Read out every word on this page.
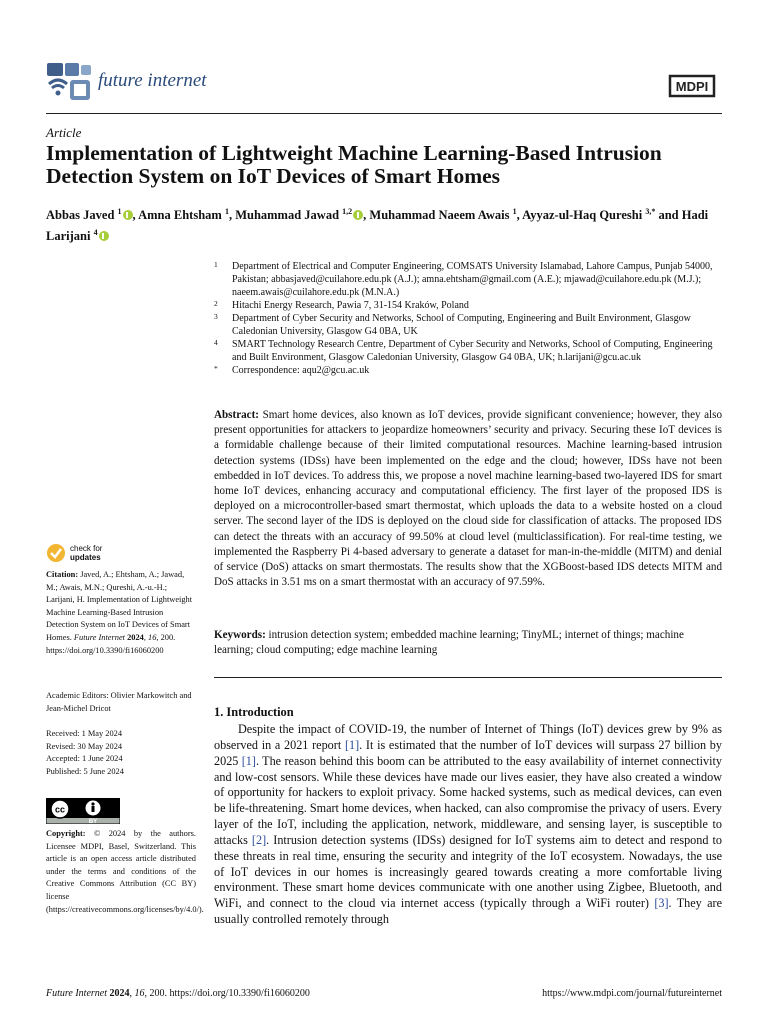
future internet	MDPI
Article
Implementation of Lightweight Machine Learning-Based Intrusion Detection System on IoT Devices of Smart Homes
Abbas Javed $^1$ , Amna Ehtsham $^1$, Muhammad Jawad $^{1,2}$ , Muhammad Naeem Awais $^1$, Ayyaz-ul-Haq Qureshi $^{3,*}$ and Hadi Larijani $^4$
1 Department of Electrical and Computer Engineering, COMSATS University Islamabad, Lahore Campus, Punjab 54000, Pakistan; abbasjaved@cuilahore.edu.pk (A.J.); amna.ehtsham@gmail.com (A.E.); mjawad@cuilahore.edu.pk (M.J.); naeem.awais@cuilahore.edu.pk (M.N.A.)
2 Hitachi Energy Research, Pawia 7, 31-154 Kraków, Poland
3 Department of Cyber Security and Networks, School of Computing, Engineering and Built Environment, Glasgow Caledonian University, Glasgow G4 0BA, UK
4 SMART Technology Research Centre, Department of Cyber Security and Networks, School of Computing, Engineering and Built Environment, Glasgow Caledonian University, Glasgow G4 0BA, UK; h.larijani@gcu.ac.uk
* Correspondence: aqu2@gcu.ac.uk
Abstract: Smart home devices, also known as IoT devices, provide significant convenience; however, they also present opportunities for attackers to jeopardize homeowners’ security and privacy. Securing these IoT devices is a formidable challenge because of their limited computational resources. Machine learning-based intrusion detection systems (IDSs) have been implemented on the edge and the cloud; however, IDSs have not been embedded in IoT devices. To address this, we propose a novel machine learning-based two-layered IDS for smart home IoT devices, enhancing accuracy and computational efficiency. The first layer of the proposed IDS is deployed on a microcontroller-based smart thermostat, which uploads the data to a website hosted on a cloud server. The second layer of the IDS is deployed on the cloud side for classification of attacks. The proposed IDS can detect the threats with an accuracy of 99.50% at cloud level (multiclassification). For real-time testing, we implemented the Raspberry Pi 4-based adversary to generate a dataset for man-in-the-middle (MITM) and denial of service (DoS) attacks on smart thermostats. The results show that the XGBoost-based IDS detects MITM and DoS attacks in 3.51 ms on a smart thermostat with an accuracy of 97.59%.
Keywords: intrusion detection system; embedded machine learning; TinyML; internet of things; machine learning; cloud computing; edge machine learning
check for
updates
Citation: Javed, A.; Ehtsham, A.; Jawad, M.; Awais, M.N.; Qureshi, A.-u.-H.; Larijani, H. Implementation of Lightweight Machine Learning-Based Intrusion Detection System on IoT Devices of Smart Homes. Future Internet 2024, 16, 200. https://doi.org/10.3390/fi16060200
Academic Editors: Olivier Markowitch and Jean-Michel Dricot
Received: 1 May 2024
Revised: 30 May 2024
Accepted: 1 June 2024
Published: 5 June 2024
cc
BY
Copyright: © 2024 by the authors. Licensee MDPI, Basel, Switzerland. This article is an open access article distributed under the terms and conditions of the Creative Commons Attribution (CC BY) license (https://creativecommons.org/licenses/by/4.0/).
1. Introduction

Despite the impact of COVID-19, the number of Internet of Things (IoT) devices grew by 9% as observed in a 2021 report [1]. It is estimated that the number of IoT devices will surpass 27 billion by 2025 [1]. The reason behind this boom can be attributed to the easy availability of internet connectivity and low-cost sensors. While these devices have made our lives easier, they have also created a window of opportunity for hackers to exploit privacy. Some hacked systems, such as medical devices, can even be life-threatening. Smart home devices, when hacked, can also compromise the privacy of users. Every layer of the IoT, including the application, network, middleware, and sensing layer, is susceptible to attacks [2]. Intrusion detection systems (IDSs) designed for IoT systems aim to detect and respond to these threats in real time, ensuring the security and integrity of the IoT ecosystem. Nowadays, the use of IoT devices in our homes is increasingly geared towards creating a more comfortable living environment. These smart home devices communicate with one another using Zigbee, Bluetooth, and WiFi, and connect to the cloud via internet access (typically through a WiFi router) [3]. They are usually controlled remotely through

Future Internet 2024, 16, 200. https://doi.org/10.3390/fi16060200	https://www.mdpi.com/journal/futureinternet
